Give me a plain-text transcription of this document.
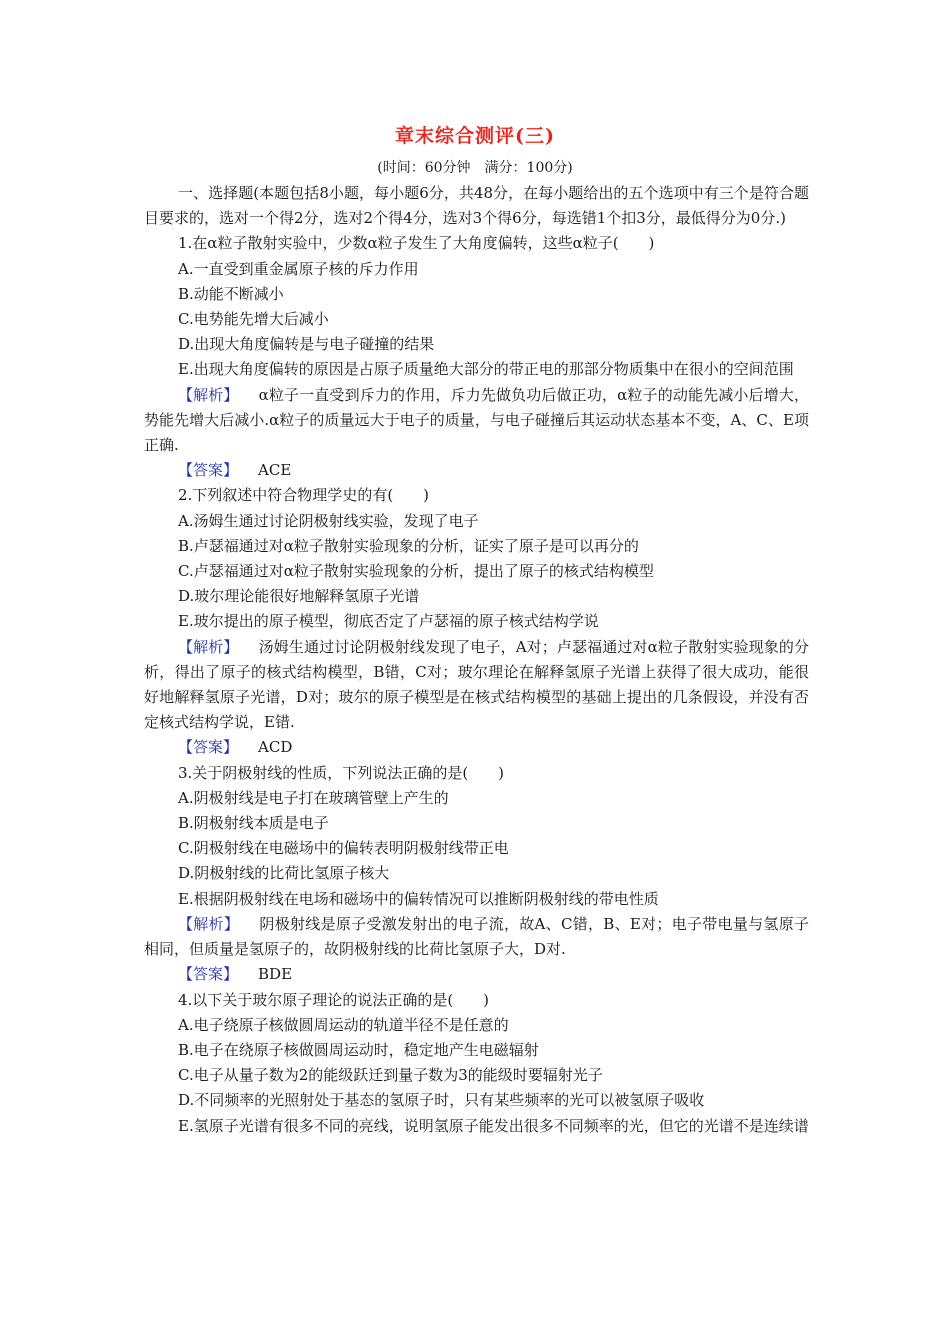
章末综合测评(三)
(时间：60分钟　满分：100分)

一、选择题(本题包括8小题，每小题6分，共48分，在每小题给出的五个选项中有三个是符合题目要求的，选对一个得2分，选对2个得4分，选对3个得6分，每选错1个扣3分，最低得分为0分.)

1.在α粒子散射实验中，少数α粒子发生了大角度偏转，这些α粒子(　　)

A.一直受到重金属原子核的斥力作用

B.动能不断减小

C.电势能先增大后减小

D.出现大角度偏转是与电子碰撞的结果

E.出现大角度偏转的原因是占原子质量绝大部分的带正电的那部分物质集中在很小的空间范围

【解析】 α粒子一直受到斥力的作用，斥力先做负功后做正功，α粒子的动能先减小后增大，势能先增大后减小.α粒子的质量远大于电子的质量，与电子碰撞后其运动状态基本不变，A、C、E项正确.

【答案】 ACE

2.下列叙述中符合物理学史的有(　　)

A.汤姆生通过讨论阴极射线实验，发现了电子

B.卢瑟福通过对α粒子散射实验现象的分析，证实了原子是可以再分的

C.卢瑟福通过对α粒子散射实验现象的分析，提出了原子的核式结构模型

D.玻尔理论能很好地解释氢原子光谱

E.玻尔提出的原子模型，彻底否定了卢瑟福的原子核式结构学说

【解析】 汤姆生通过讨论阴极射线发现了电子，A对；卢瑟福通过对α粒子散射实验现象的分析，得出了原子的核式结构模型，B错，C对；玻尔理论在解释氢原子光谱上获得了很大成功，能很好地解释氢原子光谱，D对；玻尔的原子模型是在核式结构模型的基础上提出的几条假设，并没有否定核式结构学说，E错.

【答案】 ACD

3.关于阴极射线的性质，下列说法正确的是(　　)

A.阴极射线是电子打在玻璃管壁上产生的

B.阴极射线本质是电子

C.阴极射线在电磁场中的偏转表明阴极射线带正电

D.阴极射线的比荷比氢原子核大

E.根据阴极射线在电场和磁场中的偏转情况可以推断阴极射线的带电性质

【解析】 阴极射线是原子受激发射出的电子流，故A、C错，B、E对；电子带电量与氢原子相同，但质量是氢原子的，故阴极射线的比荷比氢原子大，D对.

【答案】 BDE

4.以下关于玻尔原子理论的说法正确的是(　　)

A.电子绕原子核做圆周运动的轨道半径不是任意的

B.电子在绕原子核做圆周运动时，稳定地产生电磁辐射

C.电子从量子数为2的能级跃迁到量子数为3的能级时要辐射光子

D.不同频率的光照射处于基态的氢原子时，只有某些频率的光可以被氢原子吸收

E.氢原子光谱有很多不同的亮线，说明氢原子能发出很多不同频率的光，但它的光谱不是连续谱
